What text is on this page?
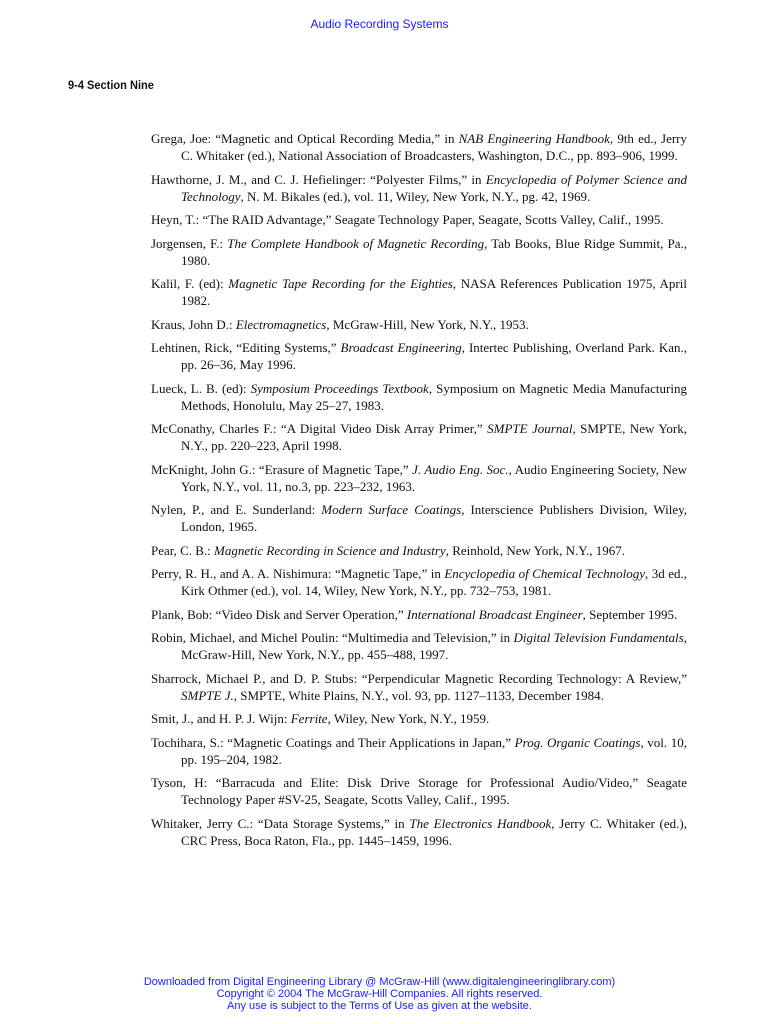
Audio Recording Systems
9-4 Section Nine

Grega, Joe: “Magnetic and Optical Recording Media,” in NAB Engineering Handbook, 9th ed., Jerry C. Whitaker (ed.), National Association of Broadcasters, Washington, D.C., pp. 893–906, 1999.

Hawthorne, J. M., and C. J. Hefielinger: “Polyester Films,” in Encyclopedia of Polymer Science and Technology, N. M. Bikales (ed.), vol. 11, Wiley, New York, N.Y., pg. 42, 1969.

Heyn, T.: “The RAID Advantage,” Seagate Technology Paper, Seagate, Scotts Valley, Calif., 1995.

Jorgensen, F.: The Complete Handbook of Magnetic Recording, Tab Books, Blue Ridge Summit, Pa., 1980.

Kalil, F. (ed): Magnetic Tape Recording for the Eighties, NASA References Publication 1975, April 1982.

Kraus, John D.: Electromagnetics, McGraw-Hill, New York, N.Y., 1953.

Lehtinen, Rick, “Editing Systems,” Broadcast Engineering, Intertec Publishing, Overland Park. Kan., pp. 26–36, May 1996.

Lueck, L. B. (ed): Symposium Proceedings Textbook, Symposium on Magnetic Media Manufacturing Methods, Honolulu, May 25–27, 1983.

McConathy, Charles F.: “A Digital Video Disk Array Primer,” SMPTE Journal, SMPTE, New York, N.Y., pp. 220–223, April 1998.

McKnight, John G.: “Erasure of Magnetic Tape,” J. Audio Eng. Soc., Audio Engineering Society, New York, N.Y., vol. 11, no.3, pp. 223–232, 1963.

Nylen, P., and E. Sunderland: Modern Surface Coatings, Interscience Publishers Division, Wiley, London, 1965.

Pear, C. B.: Magnetic Recording in Science and Industry, Reinhold, New York, N.Y., 1967.

Perry, R. H., and A. A. Nishimura: “Magnetic Tape,” in Encyclopedia of Chemical Technology, 3d ed., Kirk Othmer (ed.), vol. 14, Wiley, New York, N.Y., pp. 732–753, 1981.

Plank, Bob: “Video Disk and Server Operation,” International Broadcast Engineer, September 1995.

Robin, Michael, and Michel Poulin: “Multimedia and Television,” in Digital Television Fundamentals, McGraw-Hill, New York, N.Y., pp. 455–488, 1997.

Sharrock, Michael P., and D. P. Stubs: “Perpendicular Magnetic Recording Technology: A Review,” SMPTE J., SMPTE, White Plains, N.Y., vol. 93, pp. 1127–1133, December 1984.

Smit, J., and H. P. J. Wijn: Ferrite, Wiley, New York, N.Y., 1959.

Tochihara, S.: “Magnetic Coatings and Their Applications in Japan,” Prog. Organic Coatings, vol. 10, pp. 195–204, 1982.

Tyson, H: “Barracuda and Elite: Disk Drive Storage for Professional Audio/Video,” Seagate Technology Paper #SV-25, Seagate, Scotts Valley, Calif., 1995.

Whitaker, Jerry C.: “Data Storage Systems,” in The Electronics Handbook, Jerry C. Whitaker (ed.), CRC Press, Boca Raton, Fla., pp. 1445–1459, 1996.

Downloaded from Digital Engineering Library @ McGraw-Hill (www.digitalengineeringlibrary.com)
Copyright © 2004 The McGraw-Hill Companies. All rights reserved.
Any use is subject to the Terms of Use as given at the website.
